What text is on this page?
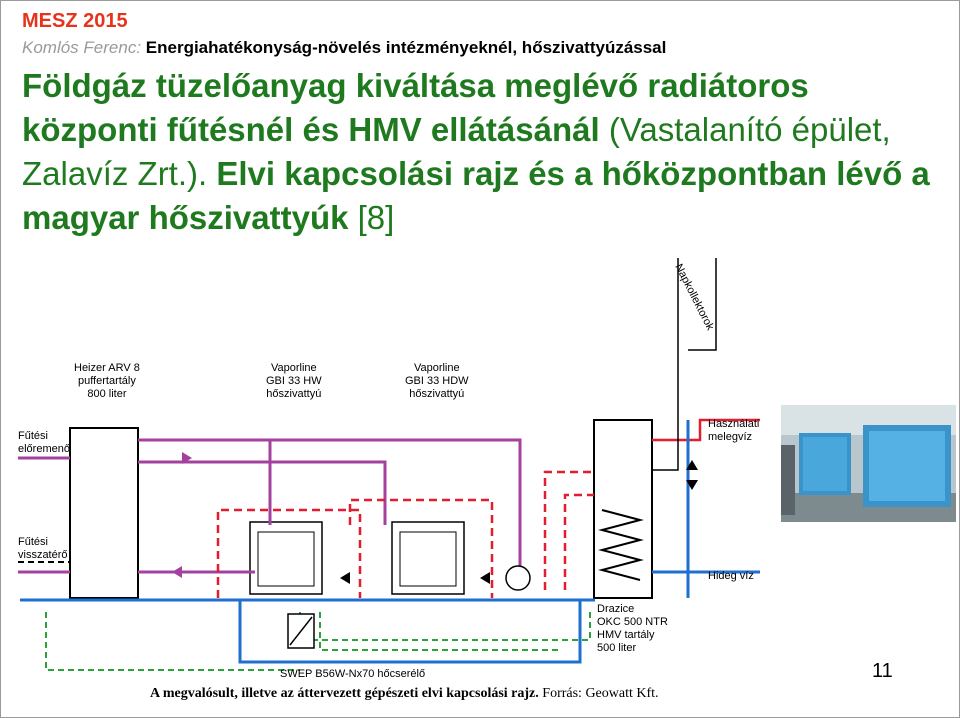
MESZ 2015
Komlós Ferenc: Energiahatékonyság-növelés intézményeknél, hőszivattyúzással
Földgáz tüzelőanyag kiváltása meglévő radiátoros központi fűtésnél és HMV ellátásánál (Vastalanító épület, Zalavíz Zrt.). Elvi kapcsolási rajz és a hőközpontban lévő a magyar hőszivattyúk [8]
Heizer ARV 8
puffertartály
800 liter
Vaporline
GBI 33 HW
hőszivattyú
Vaporline
GBI 33 HDW
hőszivattyú
Fűtési
előremenő
Fűtési
visszatérő
Használati
melegvíz
Hideg víz
Drazice
OKC 500 NTR
HMV tartály
500 liter
SWEP B56W-Nx70 hőcserélő
Napkollektorok
A megvalósult, illetve az áttervezett gépészeti elvi kapcsolási rajz. Forrás: Geowatt Kft.
11
